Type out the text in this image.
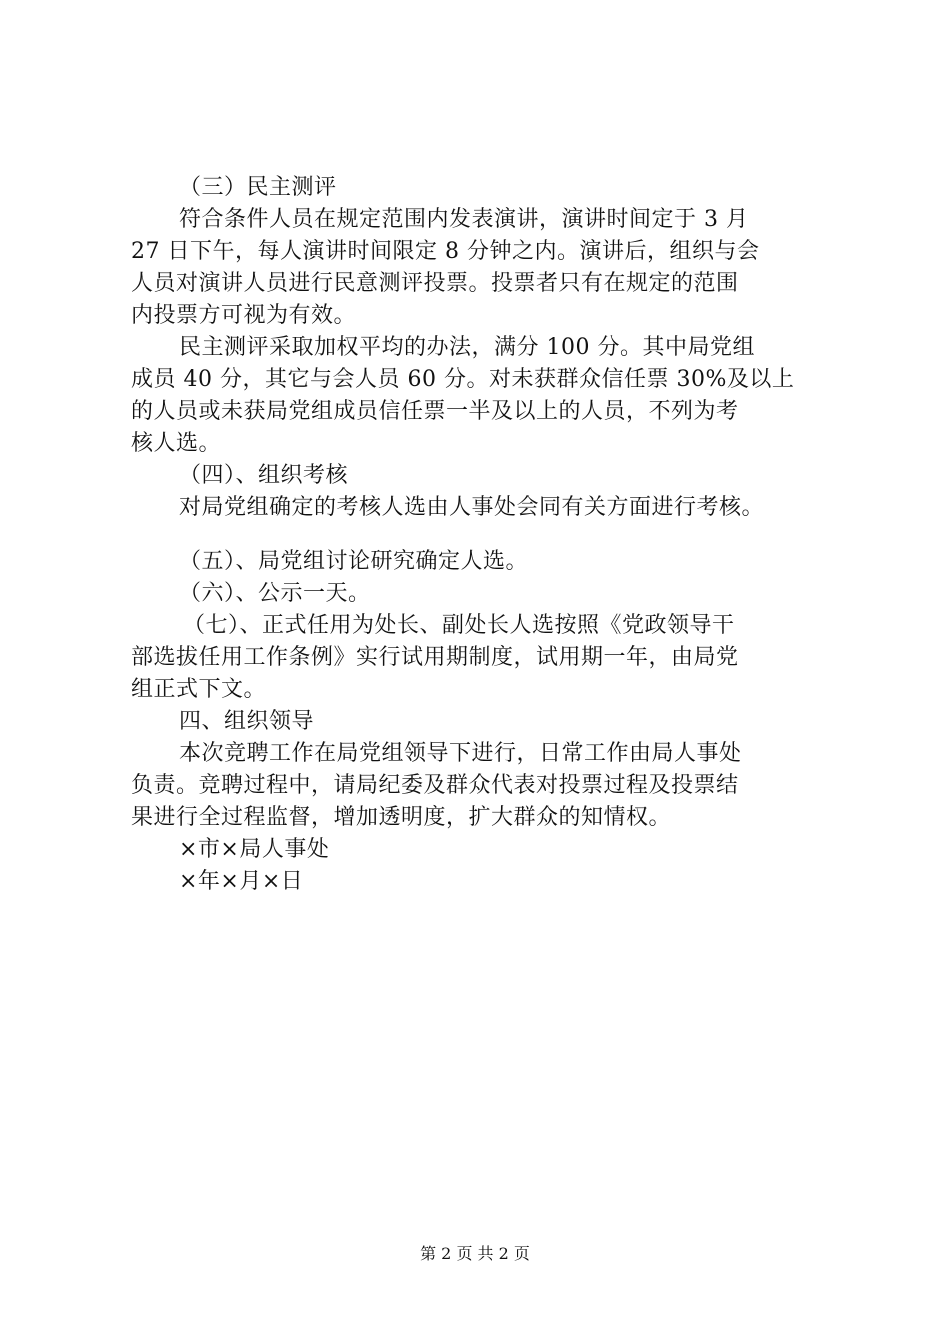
（三）民主测评
符合条件人员在规定范围内发表演讲，演讲时间定于 3 月
27 日下午，每人演讲时间限定 8 分钟之内。演讲后，组织与会
人员对演讲人员进行民意测评投票。投票者只有在规定的范围
内投票方可视为有效。
民主测评采取加权平均的办法，满分 100 分。其中局党组
成员 40 分，其它与会人员 60 分。对未获群众信任票 30%及以上
的人员或未获局党组成员信任票一半及以上的人员，不列为考
核人选。
（四）、组织考核
对局党组确定的考核人选由人事处会同有关方面进行考核。
（五）、局党组讨论研究确定人选。
（六）、公示一天。
（七）、正式任用为处长、副处长人选按照《党政领导干
部选拔任用工作条例》实行试用期制度，试用期一年，由局党
组正式下文。
四、组织领导
本次竞聘工作在局党组领导下进行，日常工作由局人事处
负责。竞聘过程中，请局纪委及群众代表对投票过程及投票结
果进行全过程监督，增加透明度，扩大群众的知情权。
×市×局人事处
×年×月×日
第 2 页 共 2 页
